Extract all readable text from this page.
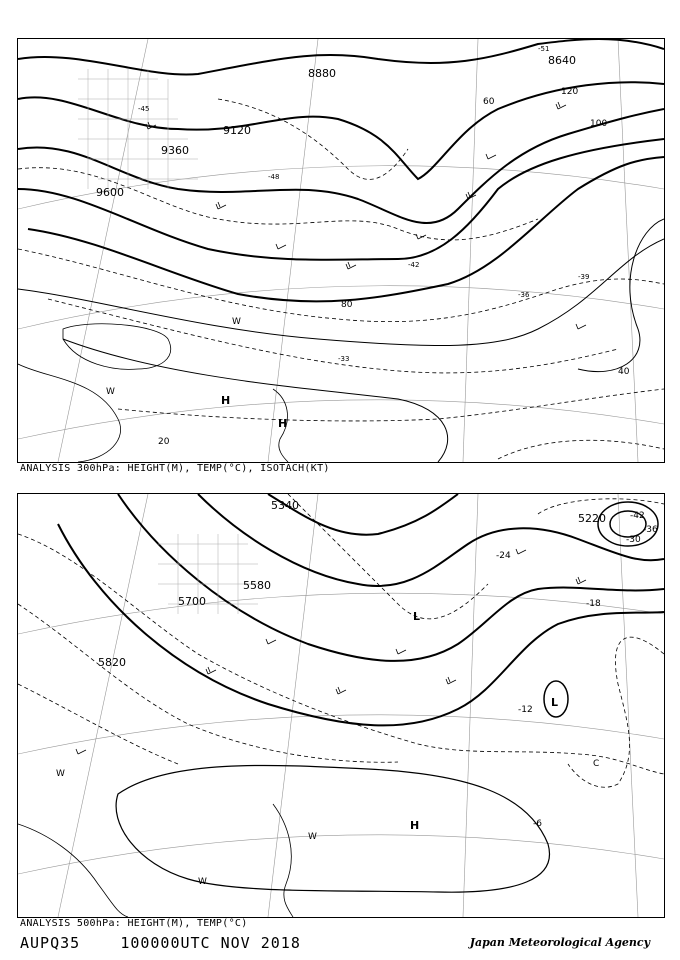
8640
8880
9120
9360
9600
20
40
60
80
100
120
-33
-36
-39
-42
-45
-48
-51
H
H
W
W
ANALYSIS 300hPa: HEIGHT(M), TEMP(°C), ISOTACH(KT)
5220
5340
5580
5700
5820
-6
-12
-18
-24
-30
-36
-42
L
L
H
W
W
W
C
ANALYSIS 500hPa: HEIGHT(M), TEMP(°C)
AUPQ35	100000UTC NOV 2018	Japan Meteorological Agency
